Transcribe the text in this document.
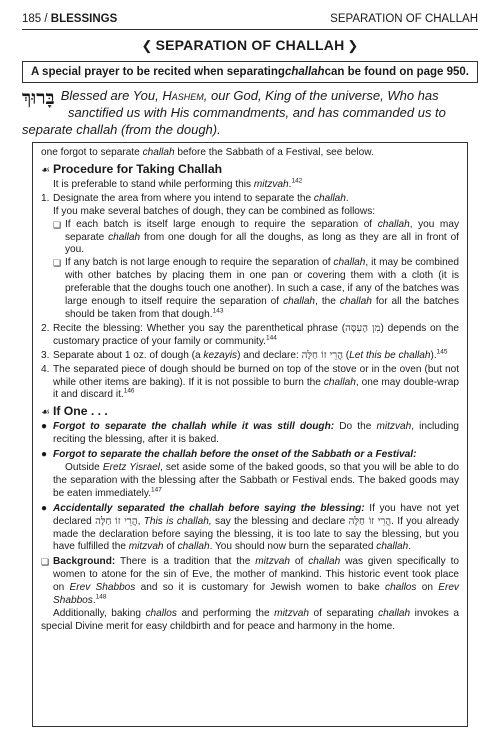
185 / BLESSINGS	SEPARATION OF CHALLAH
❮ SEPARATION OF CHALLAH ❯
A special prayer to be recited when separating challah can be found on page 950.
בָּרוּךְ Blessed are You, Hashem, our God, King of the universe, Who has
sanctified us with His commandments, and has commanded us to
separate challah (from the dough).

one forgot to separate challah before the Sabbath of a Festival, see below.

☙ Procedure for Taking Challah

It is preferable to stand while performing this mitzvah.$^{142}$

1. Designate the area from where you intend to separate the challah.
If you make several batches of dough, they can be combined as follows:
❏ If each batch is itself large enough to require the separation of challah, you may separate challah from one dough for all the doughs, as long as they are all in front of you.
❏ If any batch is not large enough to require the separation of challah, it may be combined with other batches by placing them in one pan or covering them with a cloth (it is preferable that the doughs touch one another). In such a case, if any of the batches was large enough to itself require the separation of challah, the challah for all the batches should be taken from that dough.$^{143}$
2. Recite the blessing: Whether you say the parenthetical phrase (מִן הָעִסָּה) depends on the customary practice of your family or community.$^{144}$
3. Separate about 1 oz. of dough (a kezayis) and declare: הֲרֵי זוֹ חַלָּה (Let this be challah).$^{145}$
4. The separated piece of dough should be burned on top of the stove or in the oven (but not while other items are baking). If it is not possible to burn the challah, one may double-wrap it and discard it.$^{146}$
☙ If One . . .
● Forgot to separate the challah while it was still dough: Do the mitzvah, including reciting the blessing, after it is baked.
● Forgot to separate the challah before the onset of the Sabbath or a Festival:
Outside Eretz Yisrael, set aside some of the baked goods, so that you will be able to do the separation with the blessing after the Sabbath or Festival ends. The baked goods may be eaten immediately.$^{147}$
● Accidentally separated the challah before saying the blessing: If you have not yet declared הֲרֵי זוֹ חַלָּה, This is challah, say the blessing and declare הֲרֵי זוֹ חַלָּה. If you already made the declaration before saying the blessing, it is too late to say the blessing, but you have fulfilled the mitzvah of challah. You should now burn the separated challah.
❏ Background: There is a tradition that the mitzvah of challah was given specifically to women to atone for the sin of Eve, the mother of mankind. This historic event took place on Erev Shabbos and so it is customary for Jewish women to bake challos on Erev Shabbos.$^{148}$

Additionally, baking challos and performing the mitzvah of separating challah invokes a special Divine merit for easy childbirth and for peace and harmony in the home.
